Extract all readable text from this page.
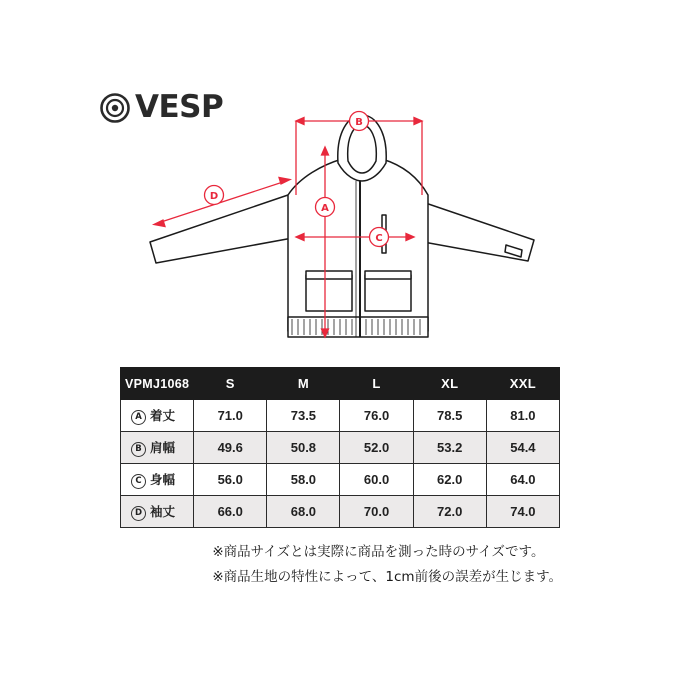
VESP	B
A
C
D
VPMJ1068	S	M	L	XL	XXL
A 着丈	71.0	73.5	76.0	78.5	81.0
B 肩幅	49.6	50.8	52.0	53.2	54.4
C 身幅	56.0	58.0	60.0	62.0	64.0
D 袖丈	66.0	68.0	70.0	72.0	74.0
※商品サイズとは実際に商品を測った時のサイズです。
※商品生地の特性によって、1cm前後の誤差が生じます。
